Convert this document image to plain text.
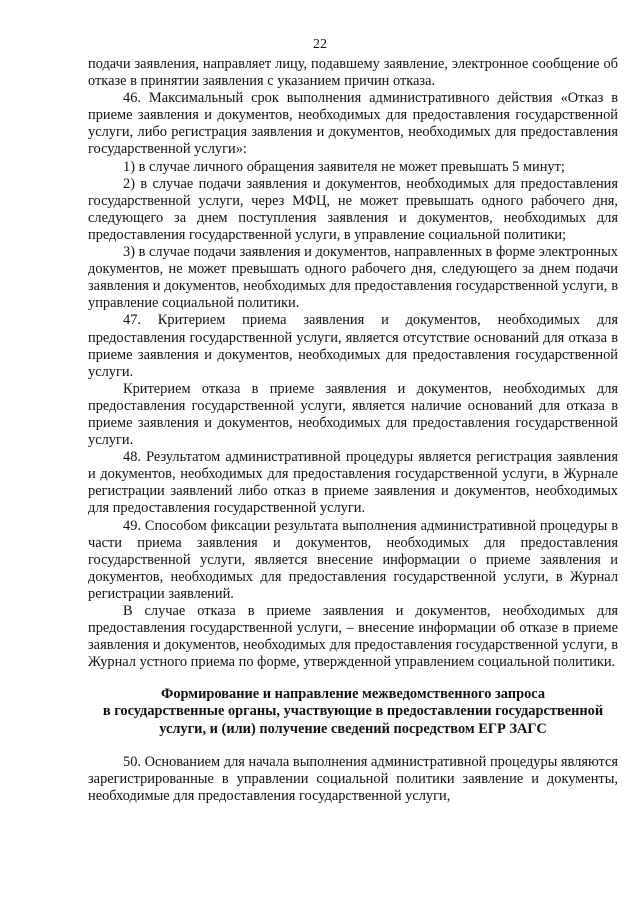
22

подачи заявления, направляет лицу, подавшему заявление, электронное сообщение об отказе в принятии заявления с указанием причин отказа.

46. Максимальный срок выполнения административного действия «Отказ в приеме заявления и документов, необходимых для предоставления государственной услуги, либо регистрация заявления и документов, необходимых для предоставления государственной услуги»:

1) в случае личного обращения заявителя не может превышать 5 минут;

2) в случае подачи заявления и документов, необходимых для предоставления государственной услуги, через МФЦ, не может превышать одного рабочего дня, следующего за днем поступления заявления и документов, необходимых для предоставления государственной услуги, в управление социальной политики;

3) в случае подачи заявления и документов, направленных в форме электронных документов, не может превышать одного рабочего дня, следующего за днем подачи заявления и документов, необходимых для предоставления государственной услуги, в управление социальной политики.

47. Критерием приема заявления и документов, необходимых для предоставления государственной услуги, является отсутствие оснований для отказа в приеме заявления и документов, необходимых для предоставления государственной услуги.

Критерием отказа в приеме заявления и документов, необходимых для предоставления государственной услуги, является наличие оснований для отказа в приеме заявления и документов, необходимых для предоставления государственной услуги.

48. Результатом административной процедуры является регистрация заявления и документов, необходимых для предоставления государственной услуги, в Журнале регистрации заявлений либо отказ в приеме заявления и документов, необходимых для предоставления государственной услуги.

49. Способом фиксации результата выполнения административной процедуры в части приема заявления и документов, необходимых для предоставления государственной услуги, является внесение информации о приеме заявления и документов, необходимых для предоставления государственной услуги, в Журнал регистрации заявлений.

В случае отказа в приеме заявления и документов, необходимых для предоставления государственной услуги, – внесение информации об отказе в приеме заявления и документов, необходимых для предоставления государственной услуги, в Журнал устного приема по форме, утвержденной управлением социальной политики.

Формирование и направление межведомственного запроса
в государственные органы, участвующие в предоставлении государственной
услуги, и (или) получение сведений посредством ЕГР ЗАГС

50. Основанием для начала выполнения административной процедуры являются зарегистрированные в управлении социальной политики заявление и документы, необходимые для предоставления государственной услуги,
